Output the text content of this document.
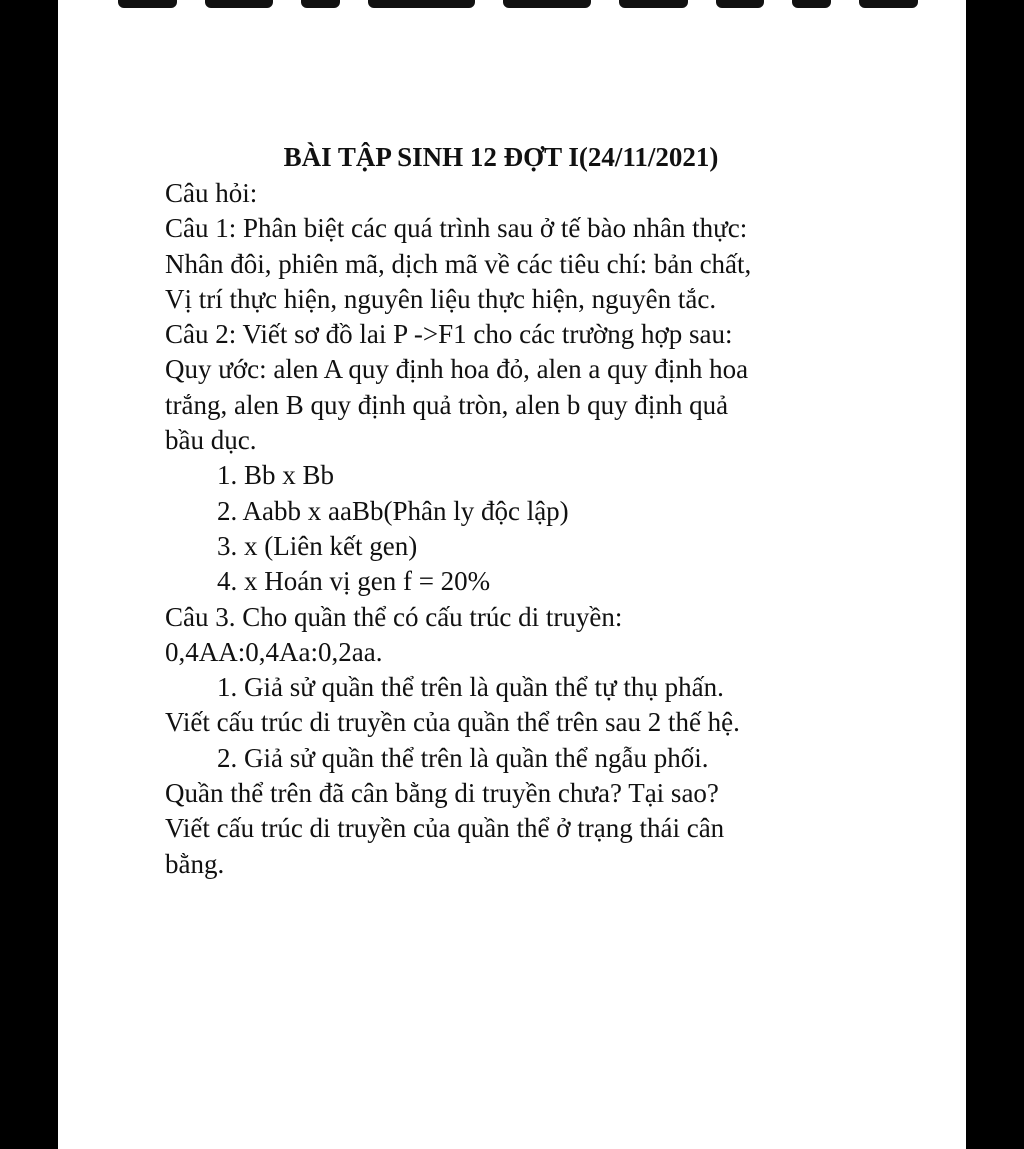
BÀI TẬP SINH 12 ĐỢT I(24/11/2021)
Câu hỏi:
Câu 1: Phân biệt các quá trình sau ở tế bào nhân thực:
Nhân đôi, phiên mã, dịch mã về các tiêu chí: bản chất,
Vị trí thực hiện, nguyên liệu thực hiện, nguyên tắc.
Câu 2: Viết sơ đồ lai P ->F1 cho các trường hợp sau:
Quy ước: alen A quy định hoa đỏ, alen a quy định hoa
trắng, alen B quy định quả tròn, alen b quy định quả
bầu dục.
1. Bb x Bb
2. Aabb x aaBb(Phân ly độc lập)
3. x (Liên kết gen)
4. x Hoán vị gen f = 20%
Câu 3. Cho quần thể có cấu trúc di truyền:
0,4AA:0,4Aa:0,2aa.
1. Giả sử quần thể trên là quần thể tự thụ phấn.
Viết cấu trúc di truyền của quần thể trên sau 2 thế hệ.
2. Giả sử quần thể trên là quần thể ngẫu phối.
Quần thể trên đã cân bằng di truyền chưa? Tại sao?
Viết cấu trúc di truyền của quần thể ở trạng thái cân
bằng.
